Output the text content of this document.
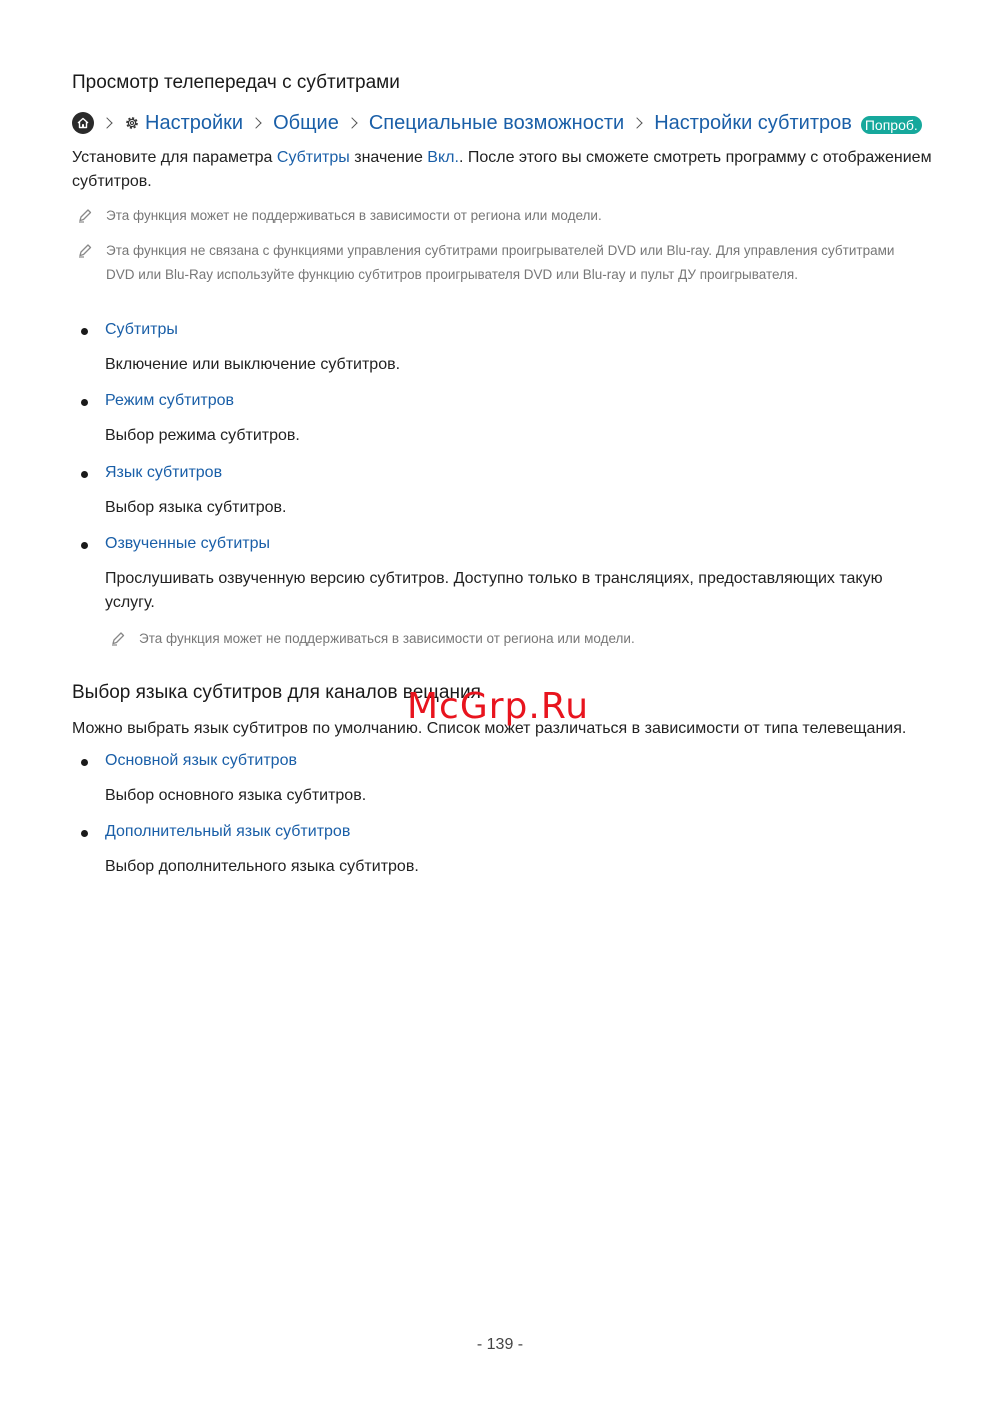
Просмотр телепередач с субтитрами
Настройки Общие Специальные возможности Настройки субтитров Попроб.
Установите для параметра Субтитры значение Вкл.. После этого вы сможете смотреть программу с отображением субтитров.
Эта функция может не поддерживаться в зависимости от региона или модели.
Эта функция не связана с функциями управления субтитрами проигрывателей DVD или Blu-ray. Для управления субтитрами DVD или Blu-Ray используйте функцию субтитров проигрывателя DVD или Blu-ray и пульт ДУ проигрывателя.
Субтитры
Включение или выключение субтитров.
Режим субтитров
Выбор режима субтитров.
Язык субтитров
Выбор языка субтитров.
Озвученные субтитры
Прослушивать озвученную версию субтитров. Доступно только в трансляциях, предоставляющих такую услугу.
Эта функция может не поддерживаться в зависимости от региона или модели.
Выбор языка субтитров для каналов вещания
Можно выбрать язык субтитров по умолчанию. Список может различаться в зависимости от типа телевещания.
Основной язык субтитров
Выбор основного языка субтитров.
Дополнительный язык субтитров
Выбор дополнительного языка субтитров.
McGrp.Ru
- 139 -
